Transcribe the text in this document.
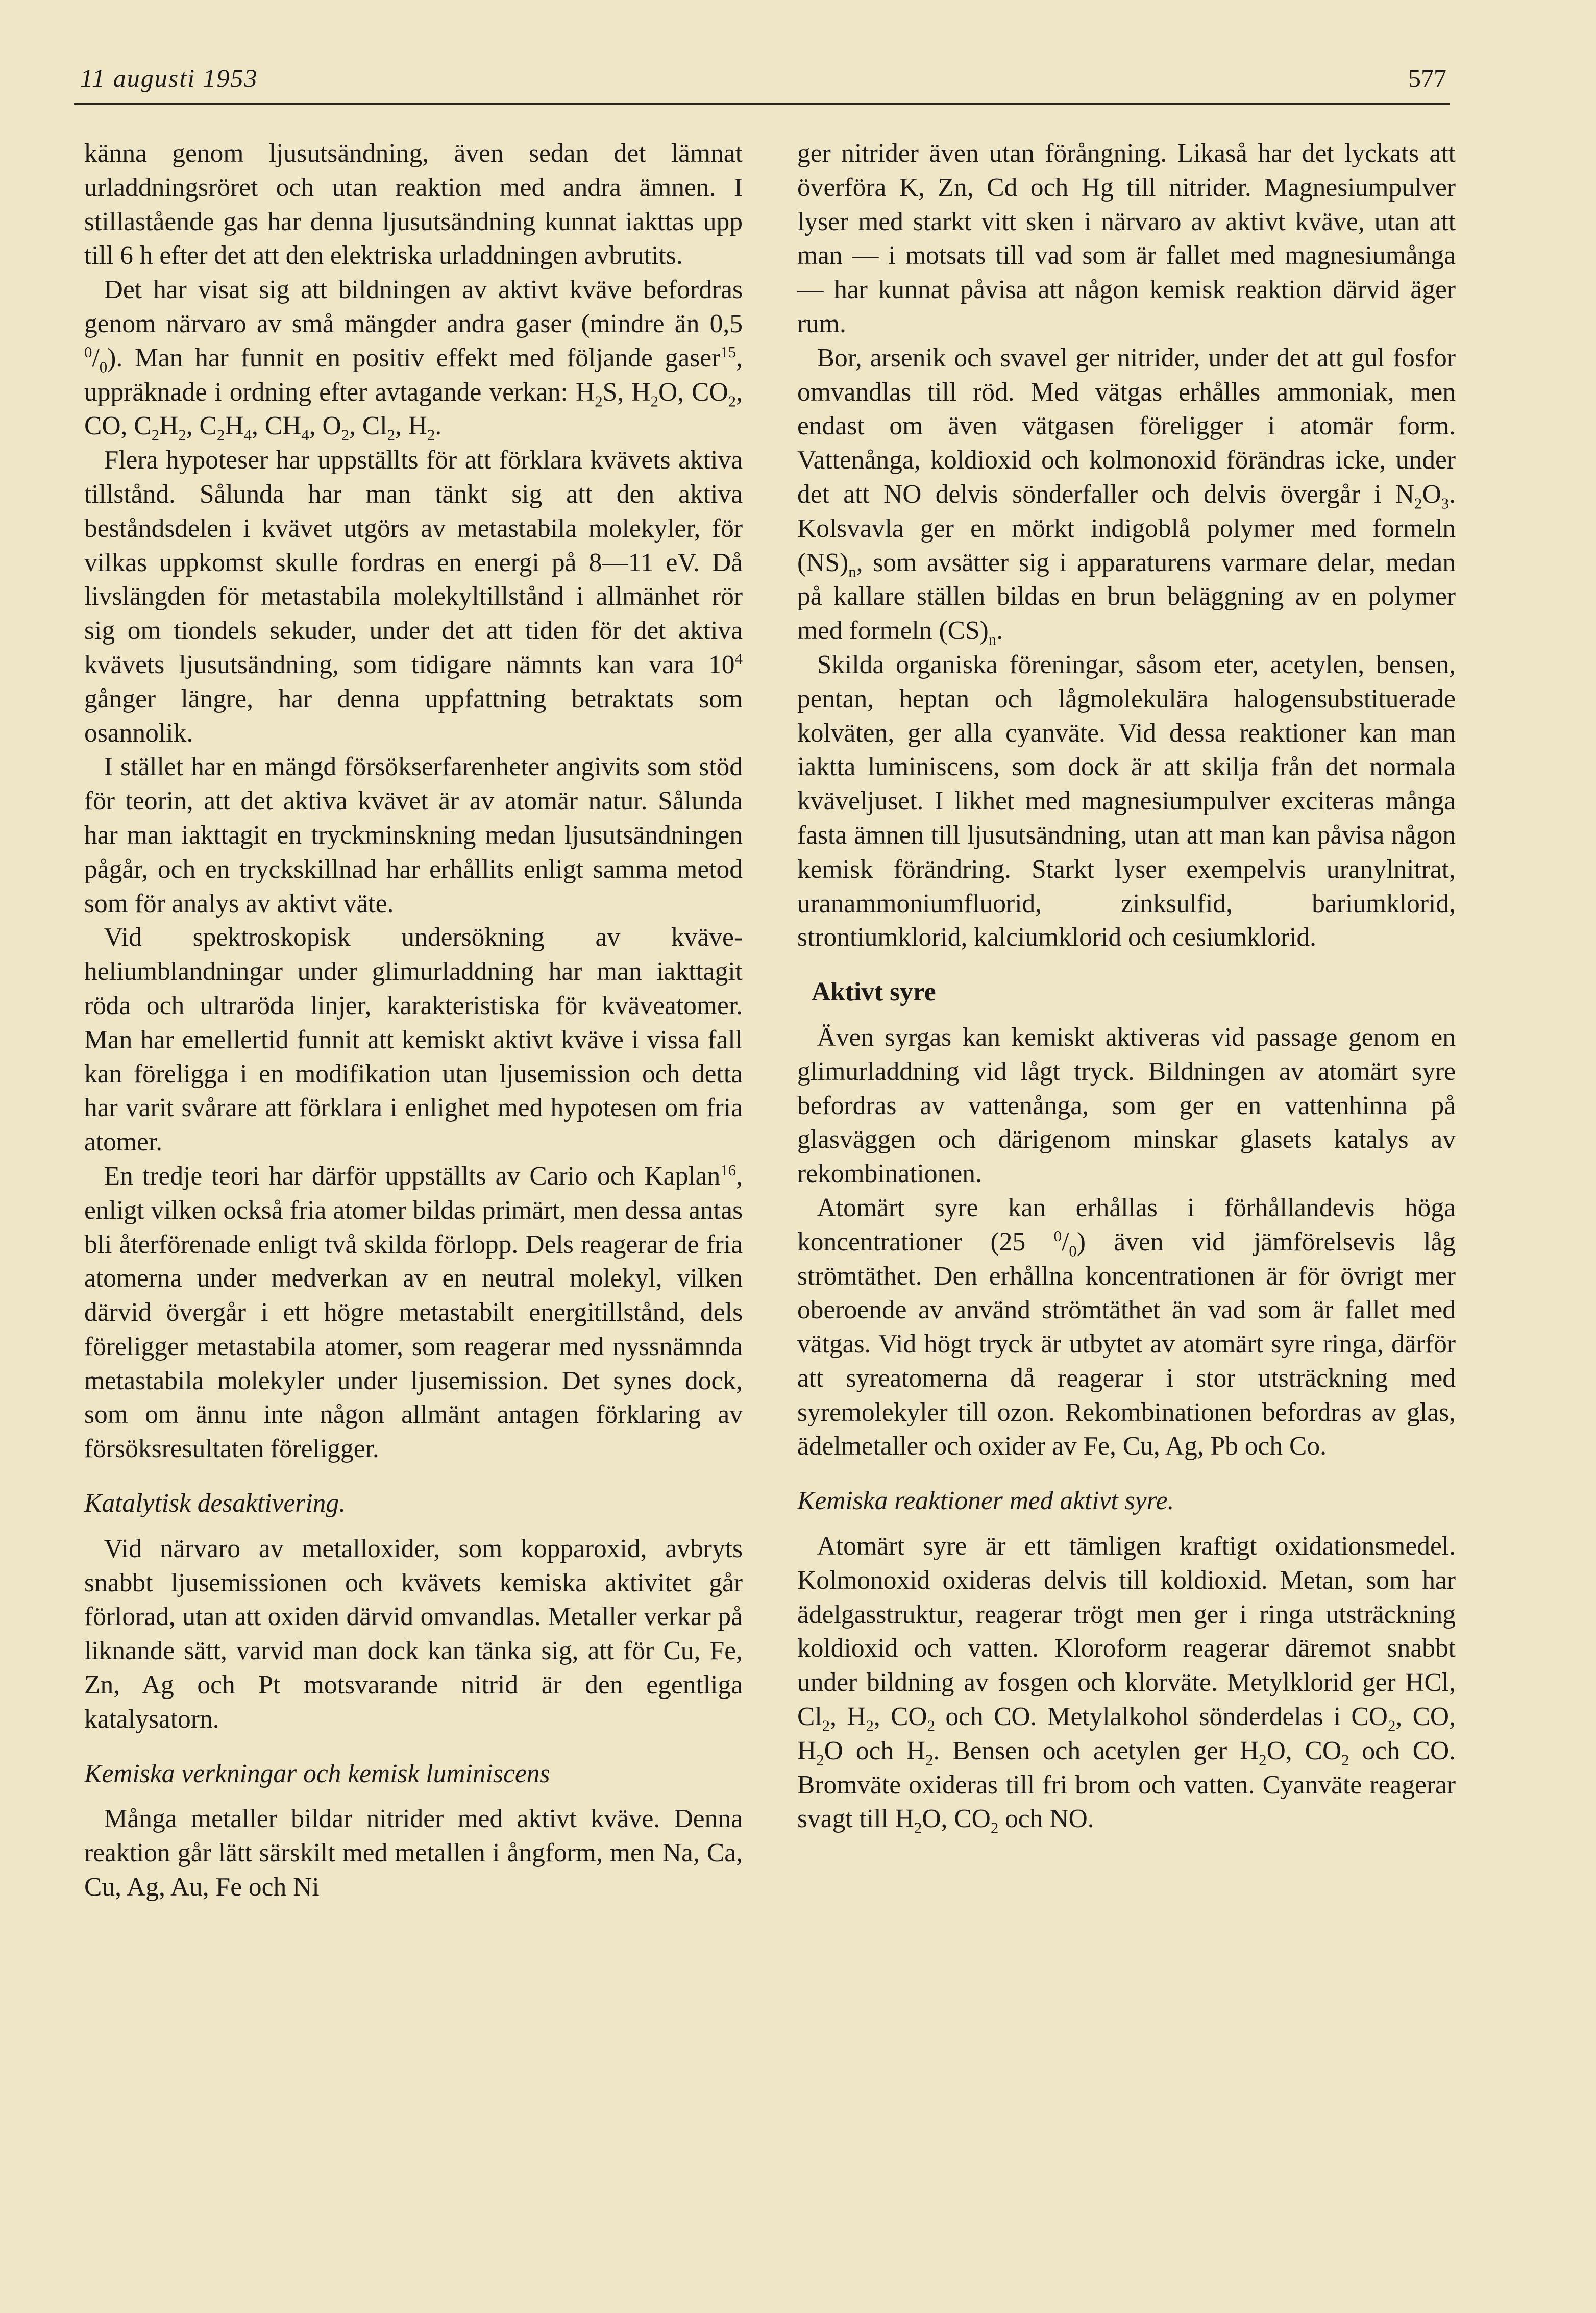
11 augusti 1953	577

känna genom ljusutsändning, även sedan det lämnat urladdningsröret och utan reaktion med andra ämnen. I stillastående gas har denna ljusutsändning kunnat iakttas upp till 6 h efter det att den elektriska urladdningen avbrutits.

Det har visat sig att bildningen av aktivt kväve befordras genom närvaro av små mängder andra gaser (mindre än 0,5 $^0/_0$). Man har funnit en positiv effekt med följande gaser$^{15}$, uppräknade i ordning efter avtagande verkan: $H_2S$, $H_2O$, $CO_2$, CO, $C_2H_2$, $C_2H_4$, $CH_4$, $O_2$, $Cl_2$, $H_2$.

Flera hypoteser har uppställts för att förklara kvävets aktiva tillstånd. Sålunda har man tänkt sig att den aktiva beståndsdelen i kvävet utgörs av metastabila molekyler, för vilkas uppkomst skulle fordras en energi på 8—11 eV. Då livslängden för metastabila molekyltillstånd i allmänhet rör sig om tiondels sekuder, under det att tiden för det aktiva kvävets ljusutsändning, som tidigare nämnts kan vara $10^4$ gånger längre, har denna uppfattning betraktats som osannolik.

I stället har en mängd försökserfarenheter angivits som stöd för teorin, att det aktiva kvävet är av atomär natur. Sålunda har man iakttagit en tryckminskning medan ljusutsändningen pågår, och en tryckskillnad har erhållits enligt samma metod som för analys av aktivt väte.

Vid spektroskopisk undersökning av kväve-heliumblandningar under glimurladdning har man iakttagit röda och ultraröda linjer, karakteristiska för kväveatomer. Man har emellertid funnit att kemiskt aktivt kväve i vissa fall kan föreligga i en modifikation utan ljusemission och detta har varit svårare att förklara i enlighet med hypotesen om fria atomer.

En tredje teori har därför uppställts av Cario och Kaplan$^{16}$, enligt vilken också fria atomer bildas primärt, men dessa antas bli återförenade enligt två skilda förlopp. Dels reagerar de fria atomerna under medverkan av en neutral molekyl, vilken därvid övergår i ett högre metastabilt energitillstånd, dels föreligger metastabila atomer, som reagerar med nyssnämnda metastabila molekyler under ljusemission. Det synes dock, som om ännu inte någon allmänt antagen förklaring av försöksresultaten föreligger.

Katalytisk desaktivering.

Vid närvaro av metalloxider, som kopparoxid, avbryts snabbt ljusemissionen och kvävets kemiska aktivitet går förlorad, utan att oxiden därvid omvandlas. Metaller verkar på liknande sätt, varvid man dock kan tänka sig, att för Cu, Fe, Zn, Ag och Pt motsvarande nitrid är den egentliga katalysatorn.

Kemiska verkningar och kemisk luminiscens

Många metaller bildar nitrider med aktivt kväve. Denna reaktion går lätt särskilt med metallen i ångform, men Na, Ca, Cu, Ag, Au, Fe och Ni

ger nitrider även utan förångning. Likaså har det lyckats att överföra K, Zn, Cd och Hg till nitrider. Magnesiumpulver lyser med starkt vitt sken i närvaro av aktivt kväve, utan att man — i motsats till vad som är fallet med magnesiumånga — har kunnat påvisa att någon kemisk reaktion därvid äger rum.

Bor, arsenik och svavel ger nitrider, under det att gul fosfor omvandlas till röd. Med vätgas erhålles ammoniak, men endast om även vätgasen föreligger i atomär form. Vattenånga, koldioxid och kolmonoxid förändras icke, under det att NO delvis sönderfaller och delvis övergår i $N_2O_3$. Kolsvavla ger en mörkt indigoblå polymer med formeln $(NS)_n$, som avsätter sig i apparaturens varmare delar, medan på kallare ställen bildas en brun beläggning av en polymer med formeln $(CS)_n$.

Skilda organiska föreningar, såsom eter, acetylen, bensen, pentan, heptan och lågmolekulära halogensubstituerade kolväten, ger alla cyanväte. Vid dessa reaktioner kan man iaktta luminiscens, som dock är att skilja från det normala kväveljuset. I likhet med magnesiumpulver exciteras många fasta ämnen till ljusutsändning, utan att man kan påvisa någon kemisk förändring. Starkt lyser exempelvis uranylnitrat, uranammoniumfluorid, zinksulfid, bariumklorid, strontiumklorid, kalciumklorid och cesiumklorid.

Aktivt syre

Även syrgas kan kemiskt aktiveras vid passage genom en glimurladdning vid lågt tryck. Bildningen av atomärt syre befordras av vattenånga, som ger en vattenhinna på glasväggen och därigenom minskar glasets katalys av rekombinationen.

Atomärt syre kan erhållas i förhållandevis höga koncentrationer (25 $^0/_0$) även vid jämförelsevis låg strömtäthet. Den erhållna koncentrationen är för övrigt mer oberoende av använd strömtäthet än vad som är fallet med vätgas. Vid högt tryck är utbytet av atomärt syre ringa, därför att syreatomerna då reagerar i stor utsträckning med syremolekyler till ozon. Rekombinationen befordras av glas, ädelmetaller och oxider av Fe, Cu, Ag, Pb och Co.

Kemiska reaktioner med aktivt syre.

Atomärt syre är ett tämligen kraftigt oxidationsmedel. Kolmonoxid oxideras delvis till koldioxid. Metan, som har ädelgasstruktur, reagerar trögt men ger i ringa utsträckning koldioxid och vatten. Kloroform reagerar däremot snabbt under bildning av fosgen och klorväte. Metylklorid ger HCl, $Cl_2$, $H_2$, $CO_2$ och CO. Metylalkohol sönderdelas i $CO_2$, CO, $H_2O$ och $H_2$. Bensen och acetylen ger $H_2O$, $CO_2$ och CO. Bromväte oxideras till fri brom och vatten. Cyanväte reagerar svagt till $H_2O$, $CO_2$ och NO.
